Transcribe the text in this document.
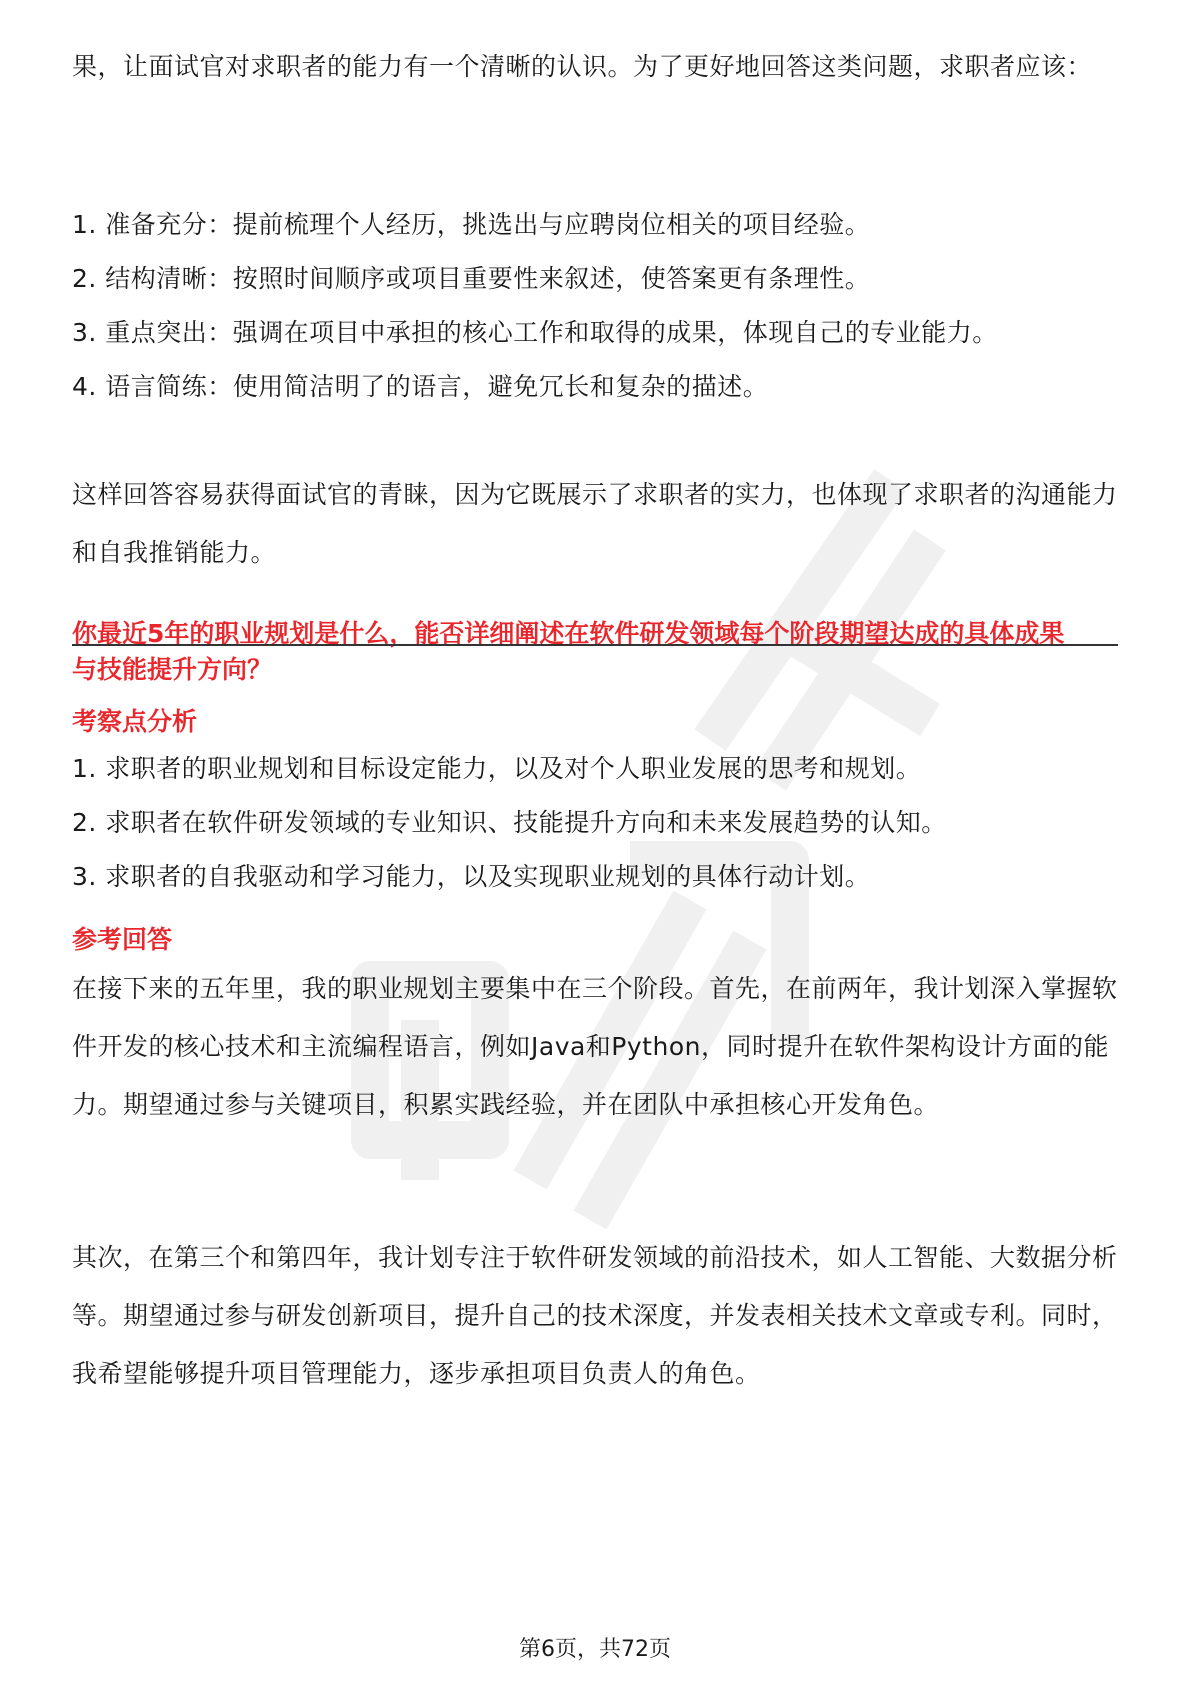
果，让面试官对求职者的能力有一个清晰的认识。为了更好地回答这类问题，求职者应该：

1. 准备充分：提前梳理个人经历，挑选出与应聘岗位相关的项目经验。

2. 结构清晰：按照时间顺序或项目重要性来叙述，使答案更有条理性。

3. 重点突出：强调在项目中承担的核心工作和取得的成果，体现自己的专业能力。

4. 语言简练：使用简洁明了的语言，避免冗长和复杂的描述。

这样回答容易获得面试官的青睐，因为它既展示了求职者的实力，也体现了求职者的沟通能力和自我推销能力。

你最近5年的职业规划是什么，能否详细阐述在软件研发领域每个阶段期望达成的具体成果与技能提升方向？

考察点分析

1. 求职者的职业规划和目标设定能力，以及对个人职业发展的思考和规划。

2. 求职者在软件研发领域的专业知识、技能提升方向和未来发展趋势的认知。

3. 求职者的自我驱动和学习能力，以及实现职业规划的具体行动计划。

参考回答

在接下来的五年里，我的职业规划主要集中在三个阶段。首先，在前两年，我计划深入掌握软件开发的核心技术和主流编程语言，例如Java和Python，同时提升在软件架构设计方面的能力。期望通过参与关键项目，积累实践经验，并在团队中承担核心开发角色。

其次，在第三个和第四年，我计划专注于软件研发领域的前沿技术，如人工智能、大数据分析等。期望通过参与研发创新项目，提升自己的技术深度，并发表相关技术文章或专利。同时，我希望能够提升项目管理能力，逐步承担项目负责人的角色。

第6页，共72页
